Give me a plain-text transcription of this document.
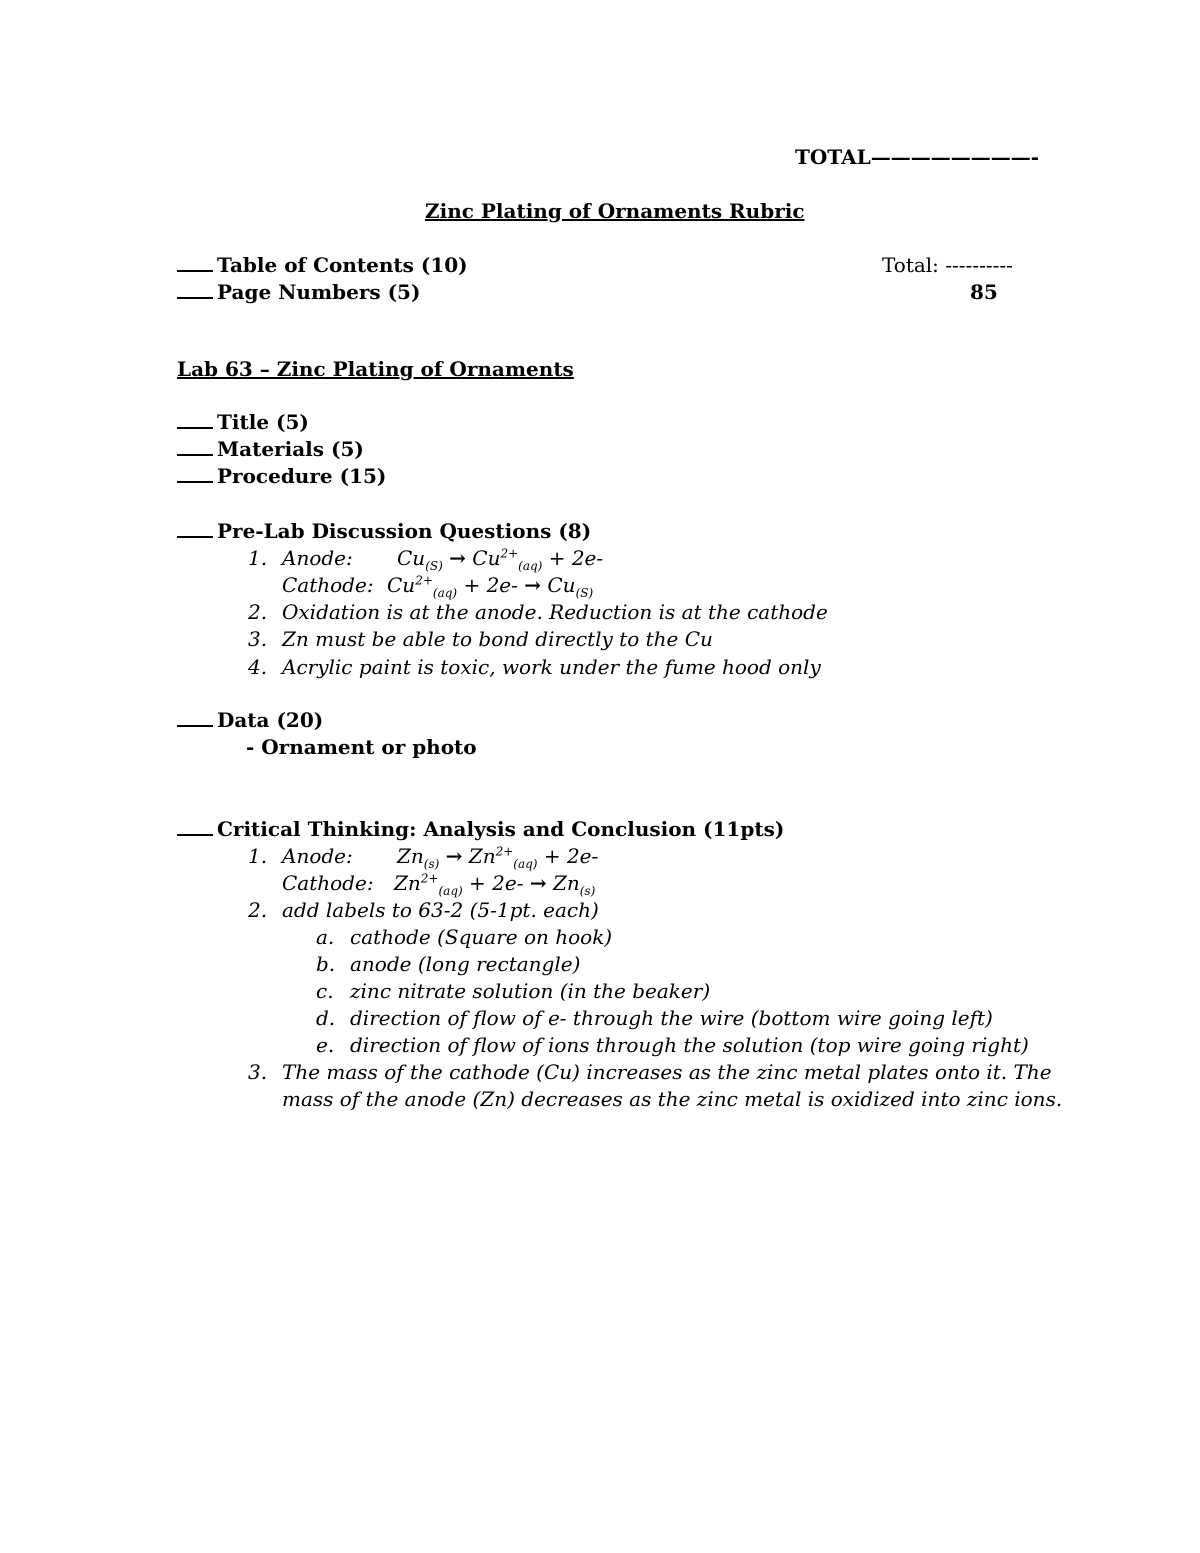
TOTAL————————-
Zinc Plating of Ornaments Rubric
Table of Contents (10)
Page Numbers (5)
Total: ----------
85
Lab 63 – Zinc Plating of Ornaments
Title (5)
Materials (5)
Procedure (15)
Pre-Lab Discussion Questions (8)
1. Anode: $Cu_{(S)} \to Cu^{2+}_{(aq)} + 2e-$
Cathode: $Cu^{2+}_{(aq)} + 2e- \to Cu_{(S)}$
2. Oxidation is at the anode. Reduction is at the cathode
3. Zn must be able to bond directly to the Cu
4. Acrylic paint is toxic, work under the fume hood only
Data (20)
- Ornament or photo
Critical Thinking: Analysis and Conclusion (11pts)
1. Anode: $Zn_{(s)} \to Zn^{2+}_{(aq)} + 2e-$
Cathode: $Zn^{2+}_{(aq)} + 2e- \to Zn_{(s)}$
2. add labels to 63-2 (5-1pt. each)
a. cathode (Square on hook)
b. anode (long rectangle)
c. zinc nitrate solution (in the beaker)
d. direction of flow of e- through the wire (bottom wire going left)
e. direction of flow of ions through the solution (top wire going right)
3. The mass of the cathode (Cu) increases as the zinc metal plates onto it. The
mass of the anode (Zn) decreases as the zinc metal is oxidized into zinc ions.
